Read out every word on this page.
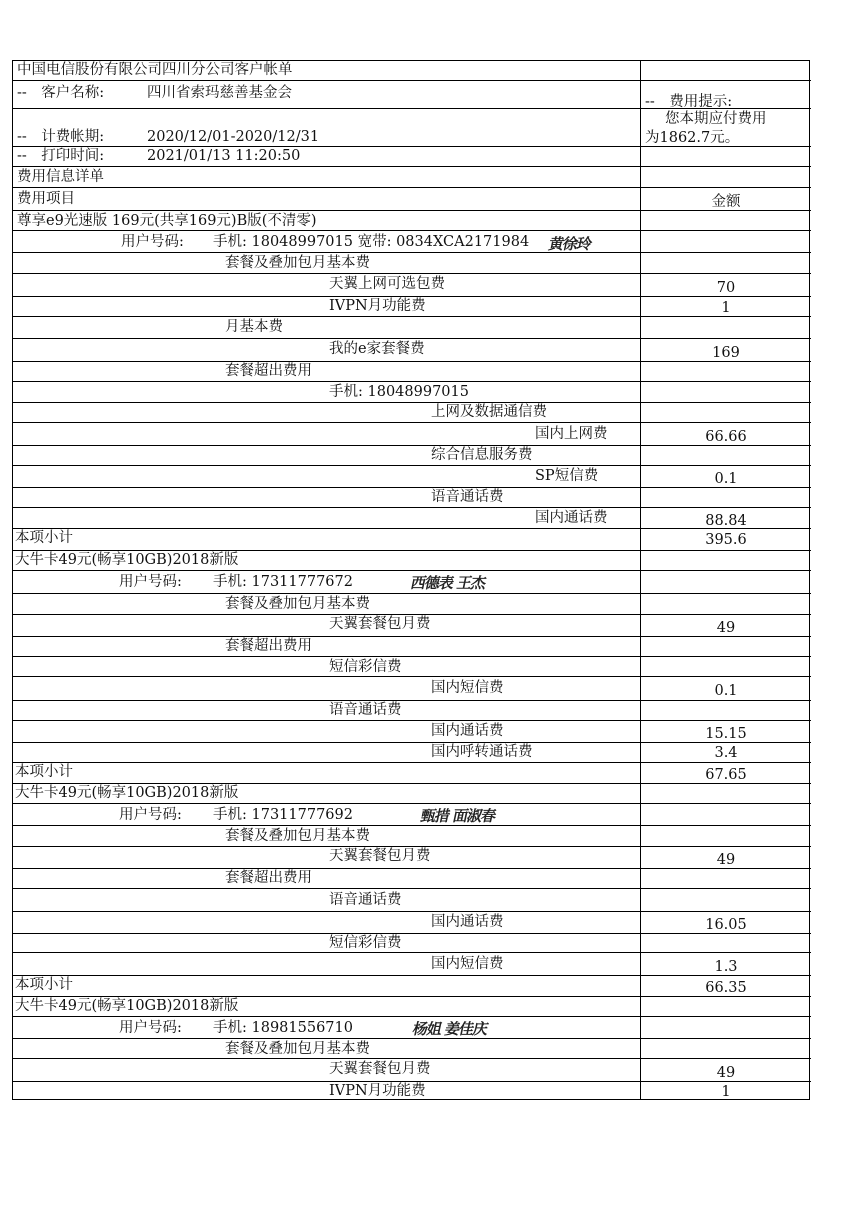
中国电信股份有限公司四川分公司客户帐单
--　客户名称:	四川省索玛慈善基金会
--　费用提示:
--　计费帐期:	2020/12/01-2020/12/31
您本期应付费用
为1862.7元。
--　打印时间:	2021/01/13 11:20:50
费用信息详单
费用项目	金额
尊享e9光速版 169元(共享169元)B版(不清零)
用户号码: 手机: 18048997015 宽带: 0834XCA2171984 黄徐玲
套餐及叠加包月基本费
天翼上网可选包费	70
IVPN月功能费	1
月基本费
我的e家套餐费	169
套餐超出费用
手机: 18048997015
上网及数据通信费
国内上网费	66.66
综合信息服务费
SP短信费	0.1
语音通话费
国内通话费	88.84
本项小计	395.6
大牛卡49元(畅享10GB)2018新版
用户号码: 手机: 17311777672	西德表 王杰
套餐及叠加包月基本费
天翼套餐包月费	49
套餐超出费用
短信彩信费
国内短信费	0.1
语音通话费
国内通话费	15.15
国内呼转通话费	3.4
本项小计	67.65
大牛卡49元(畅享10GB)2018新版
用户号码: 手机: 17311777692	甄措 面淑春
套餐及叠加包月基本费
天翼套餐包月费	49
套餐超出费用
语音通话费
国内通话费	16.05
短信彩信费
国内短信费	1.3
本项小计	66.35
大牛卡49元(畅享10GB)2018新版
用户号码: 手机: 18981556710	杨姐 姜佳庆
套餐及叠加包月基本费
天翼套餐包月费	49
IVPN月功能费	1
